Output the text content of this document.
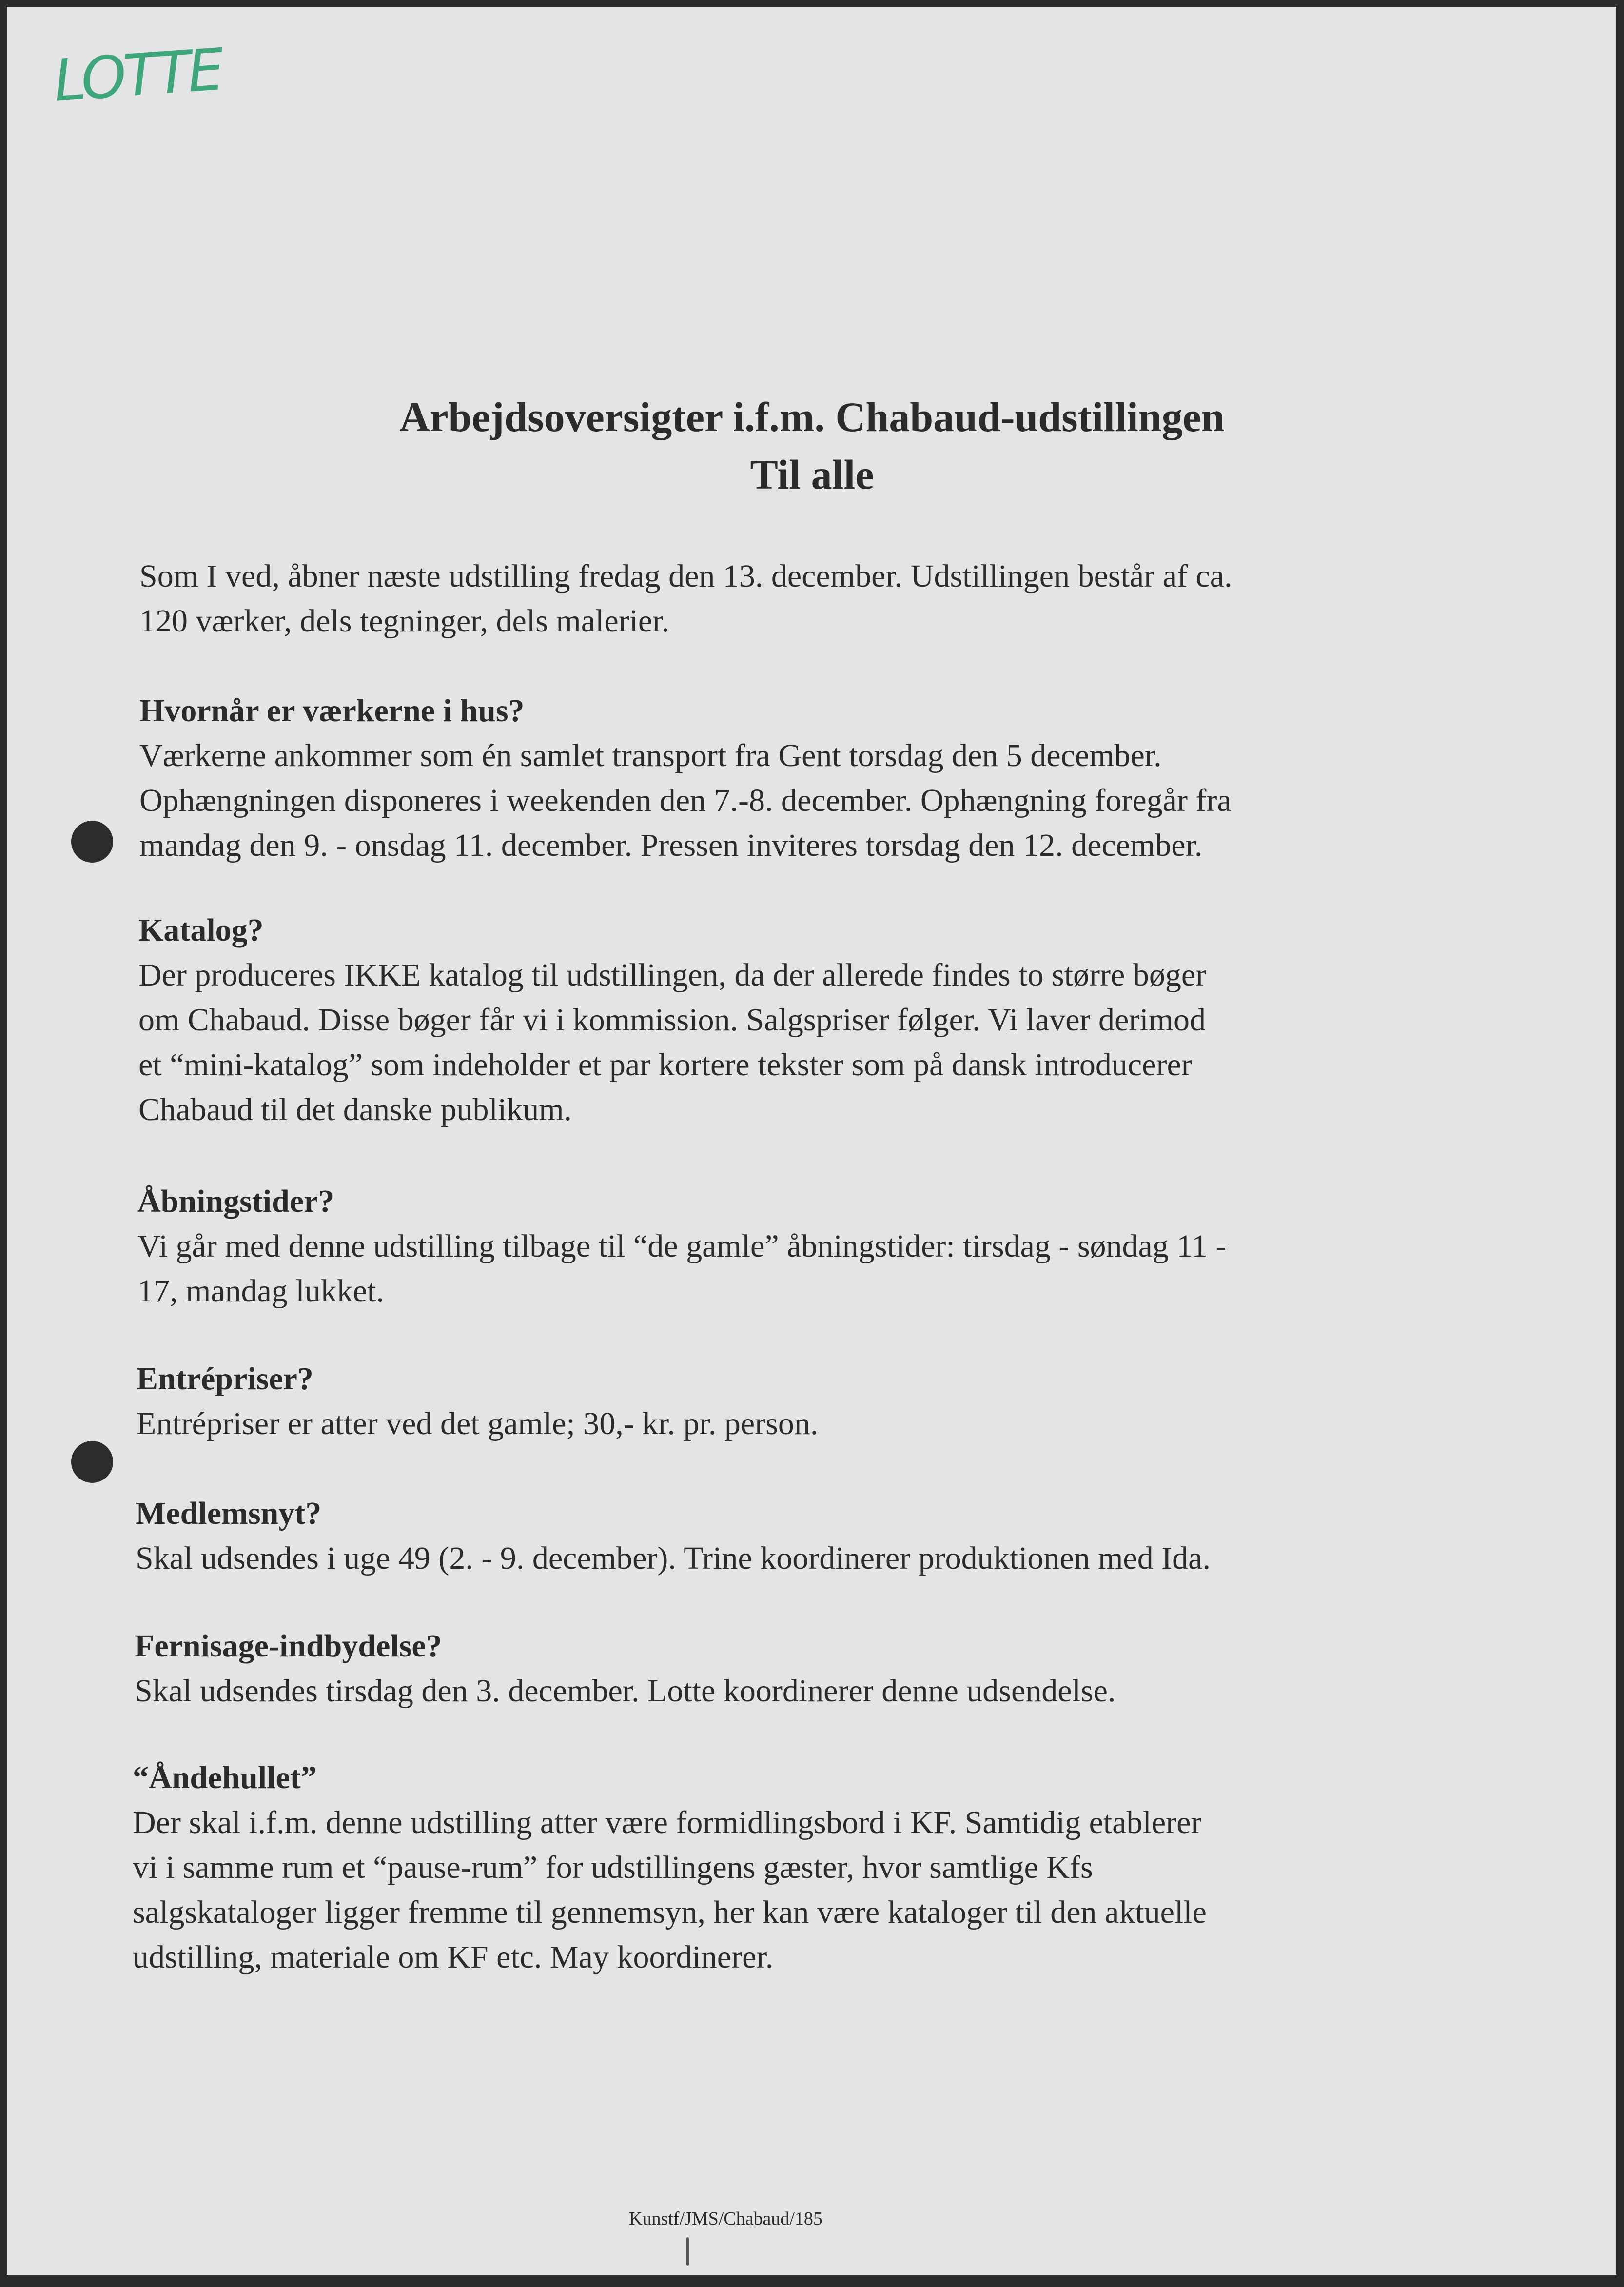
LOTTE
Arbejdsoversigter i.f.m. Chabaud-udstillingen
Til alle
Som I ved, åbner næste udstilling fredag den 13. december. Udstillingen består af ca.
120 værker, dels tegninger, dels malerier.
Hvornår er værkerne i hus?
Værkerne ankommer som én samlet transport fra Gent torsdag den 5 december.
Ophængningen disponeres i weekenden den 7.-8. december. Ophængning foregår fra
mandag den 9. - onsdag 11. december. Pressen inviteres torsdag den 12. december.
Katalog?
Der produceres IKKE katalog til udstillingen, da der allerede findes to større bøger
om Chabaud. Disse bøger får vi i kommission. Salgspriser følger. Vi laver derimod
et “mini-katalog” som indeholder et par kortere tekster som på dansk introducerer
Chabaud til det danske publikum.
Åbningstider?
Vi går med denne udstilling tilbage til “de gamle” åbningstider: tirsdag - søndag 11 -
17, mandag lukket.
Entrépriser?
Entrépriser er atter ved det gamle; 30,- kr. pr. person.
Medlemsnyt?
Skal udsendes i uge 49 (2. - 9. december). Trine koordinerer produktionen med Ida.
Fernisage-indbydelse?
Skal udsendes tirsdag den 3. december. Lotte koordinerer denne udsendelse.
“Åndehullet”
Der skal i.f.m. denne udstilling atter være formidlingsbord i KF. Samtidig etablerer
vi i samme rum et “pause-rum” for udstillingens gæster, hvor samtlige Kfs
salgskataloger ligger fremme til gennemsyn, her kan være kataloger til den aktuelle
udstilling, materiale om KF etc. May koordinerer.
Kunstf/JMS/Chabaud/185
